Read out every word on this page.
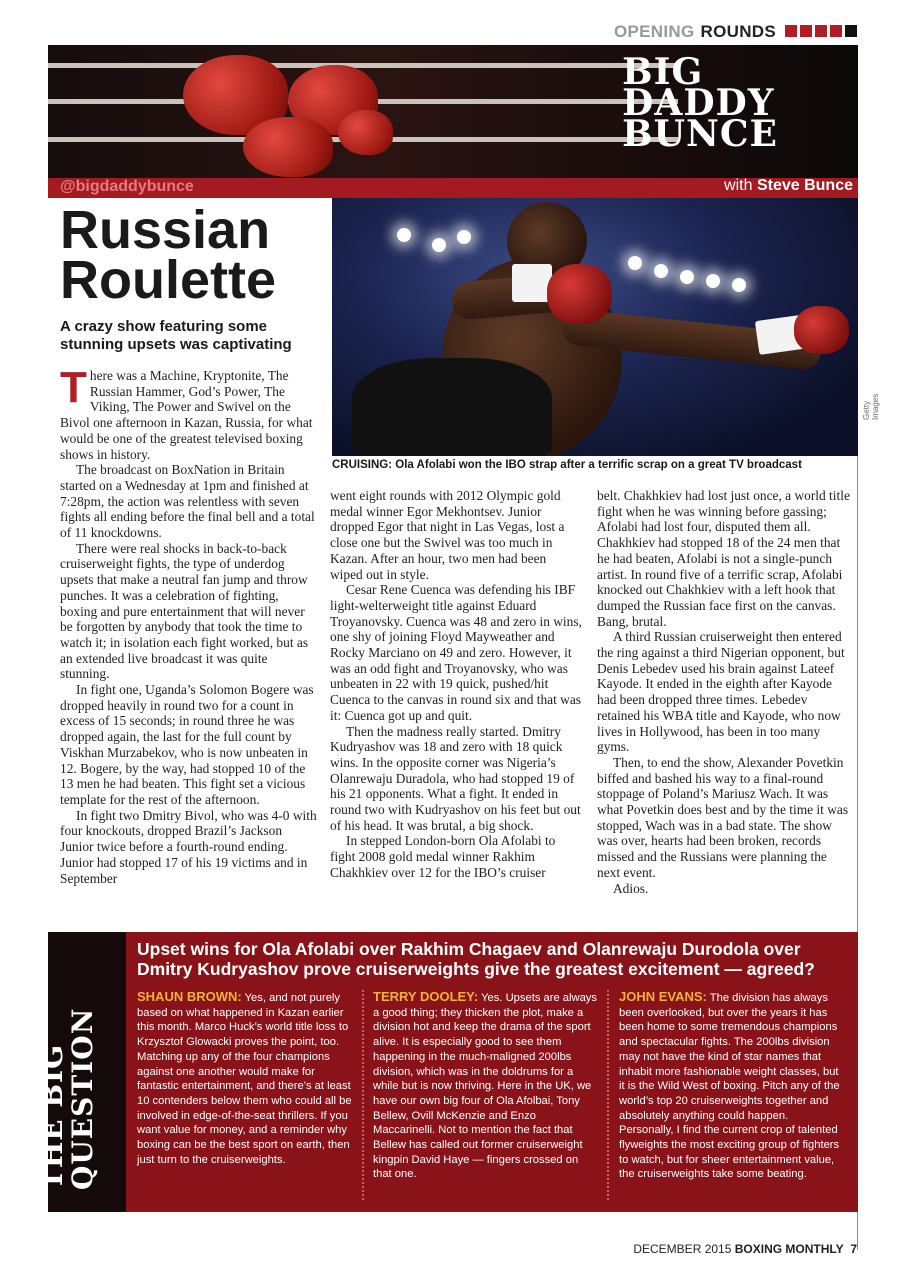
OPENING ROUNDS
BIG
DADDY
BUNCE
@bigdaddybunce	with Steve Bunce
Russian
Roulette
A crazy show featuring some stunning upsets was captivating
Getty Images
CRUISING: Ola Afolabi won the IBO strap after a terrific scrap on a great TV broadcast

There was a Machine, Kryptonite, The Russian Hammer, God’s Power, The Viking, The Power and Swivel on the Bivol one afternoon in Kazan, Russia, for what would be one of the greatest televised boxing shows in history.

The broadcast on BoxNation in Britain started on a Wednesday at 1pm and finished at 7:28pm, the action was relentless with seven fights all ending before the final bell and a total of 11 knockdowns.

There were real shocks in back-to-back cruiserweight fights, the type of underdog upsets that make a neutral fan jump and throw punches. It was a celebration of fighting, boxing and pure entertainment that will never be forgotten by anybody that took the time to watch it; in isolation each fight worked, but as an extended live broadcast it was quite stunning.

In fight one, Uganda’s Solomon Bogere was dropped heavily in round two for a count in excess of 15 seconds; in round three he was dropped again, the last for the full count by Viskhan Murzabekov, who is now unbeaten in 12. Bogere, by the way, had stopped 10 of the 13 men he had beaten. This fight set a vicious template for the rest of the afternoon.

In fight two Dmitry Bivol, who was 4-0 with four knockouts, dropped Brazil’s Jackson Junior twice before a fourth-round ending. Junior had stopped 17 of his 19 victims and in September

went eight rounds with 2012 Olympic gold medal winner Egor Mekhontsev. Junior dropped Egor that night in Las Vegas, lost a close one but the Swivel was too much in Kazan. After an hour, two men had been wiped out in style.

Cesar Rene Cuenca was defending his IBF light-welterweight title against Eduard Troyanovsky. Cuenca was 48 and zero in wins, one shy of joining Floyd Mayweather and Rocky Marciano on 49 and zero. However, it was an odd fight and Troyanovsky, who was unbeaten in 22 with 19 quick, pushed/hit Cuenca to the canvas in round six and that was it: Cuenca got up and quit.

Then the madness really started. Dmitry Kudryashov was 18 and zero with 18 quick wins. In the opposite corner was Nigeria’s Olanrewaju Duradola, who had stopped 19 of his 21 opponents. What a fight. It ended in round two with Kudryashov on his feet but out of his head. It was brutal, a big shock.

In stepped London-born Ola Afolabi to fight 2008 gold medal winner Rakhim Chakhkiev over 12 for the IBO’s cruiser

belt. Chakhkiev had lost just once, a world title fight when he was winning before gassing; Afolabi had lost four, disputed them all. Chakhkiev had stopped 18 of the 24 men that he had beaten, Afolabi is not a single-punch artist. In round five of a terrific scrap, Afolabi knocked out Chakhkiev with a left hook that dumped the Russian face first on the canvas. Bang, brutal.

A third Russian cruiserweight then entered the ring against a third Nigerian opponent, but Denis Lebedev used his brain against Lateef Kayode. It ended in the eighth after Kayode had been dropped three times. Lebedev retained his WBA title and Kayode, who now lives in Hollywood, has been in too many gyms.

Then, to end the show, Alexander Povetkin biffed and bashed his way to a final-round stoppage of Poland’s Mariusz Wach. It was what Povetkin does best and by the time it was stopped, Wach was in a bad state. The show was over, hearts had been broken, records missed and the Russians were planning the next event.

Adios.

THE BIG
QUESTION
Upset wins for Ola Afolabi over Rakhim Chagaev and Olanrewaju Durodola over Dmitry Kudryashov prove cruiserweights give the greatest excitement — agreed?
SHAUN BROWN: Yes, and not purely based on what happened in Kazan earlier this month. Marco Huck’s world title loss to Krzysztof Glowacki proves the point, too. Matching up any of the four champions against one another would make for fantastic entertainment, and there’s at least 10 contenders below them who could all be involved in edge-of-the-seat thrillers. If you want value for money, and a reminder why boxing can be the best sport on earth, then just turn to the cruiserweights.
TERRY DOOLEY: Yes. Upsets are always a good thing; they thicken the plot, make a division hot and keep the drama of the sport alive. It is especially good to see them happening in the much-maligned 200lbs division, which was in the doldrums for a while but is now thriving. Here in the UK, we have our own big four of Ola Afolbai, Tony Bellew, Ovill McKenzie and Enzo Maccarinelli. Not to mention the fact that Bellew has called out former cruiserweight kingpin David Haye — fingers crossed on that one.
JOHN EVANS: The division has always been overlooked, but over the years it has been home to some tremendous champions and spectacular fights. The 200lbs division may not have the kind of star names that inhabit more fashionable weight classes, but it is the Wild West of boxing. Pitch any of the world’s top 20 cruiserweights together and absolutely anything could happen. Personally, I find the current crop of talented flyweights the most exciting group of fighters to watch, but for sheer entertainment value, the cruiserweights take some beating.
DECEMBER 2015 BOXING MONTHLY 7
